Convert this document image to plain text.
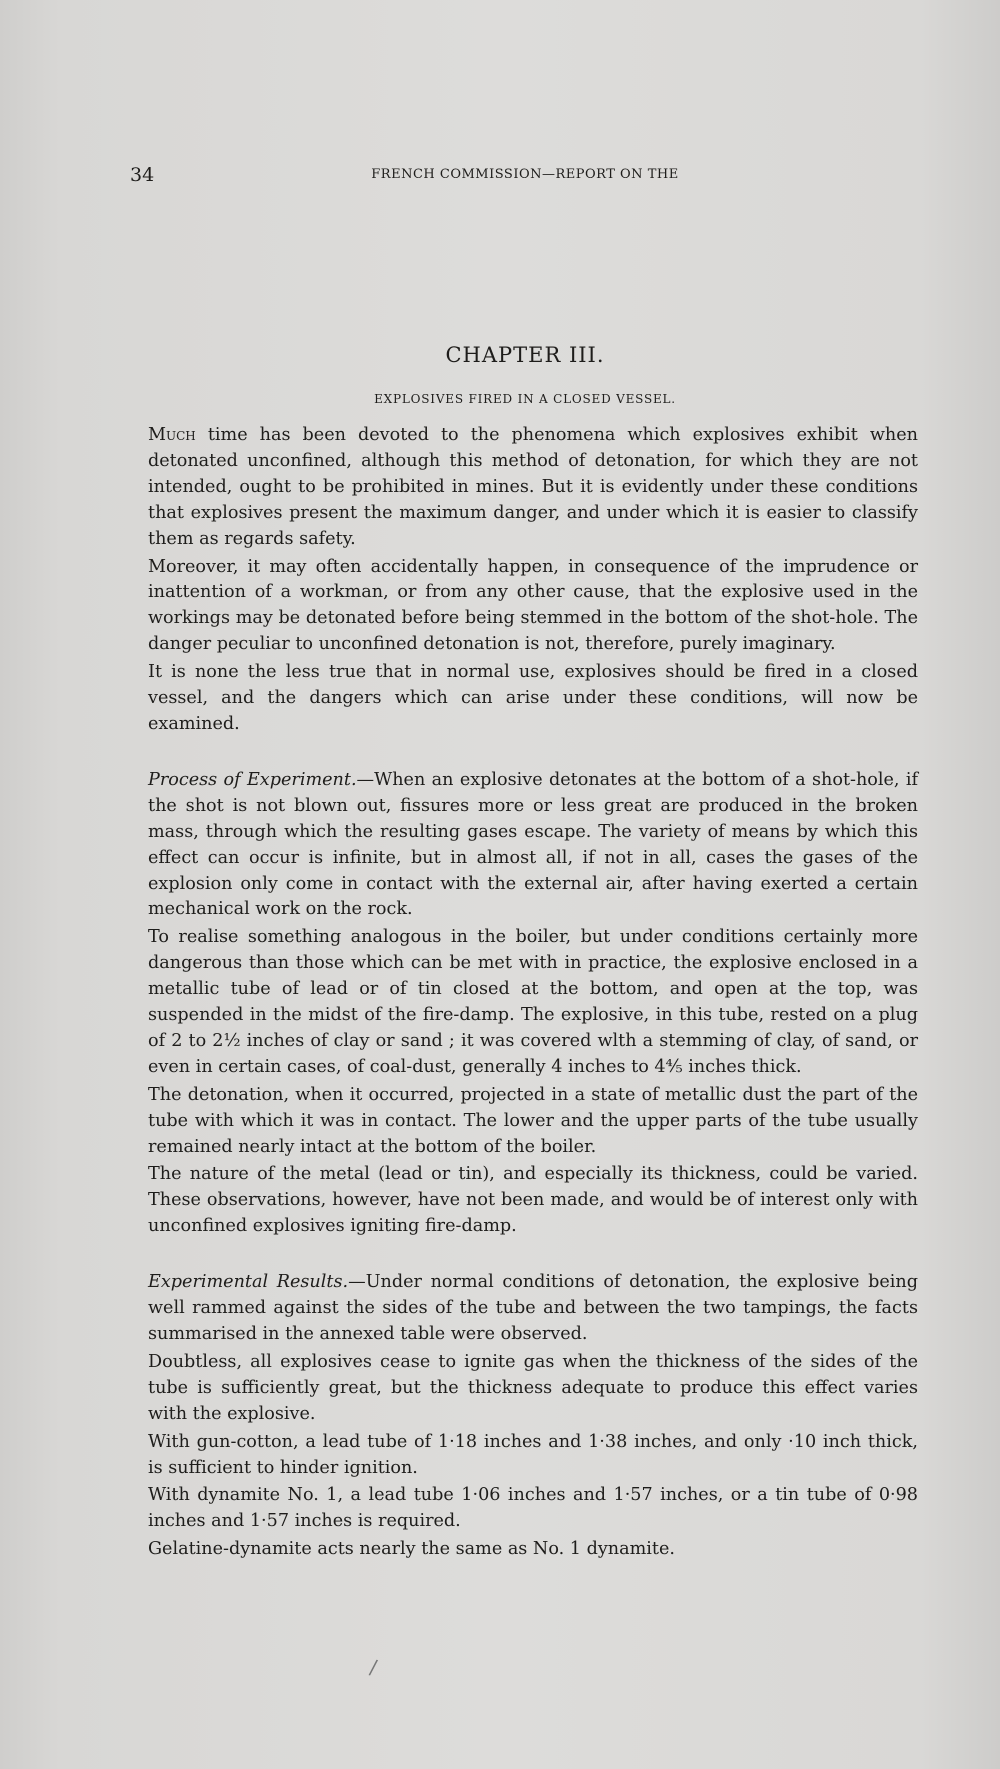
34	FRENCH COMMISSION—REPORT ON THE
CHAPTER III.
EXPLOSIVES FIRED IN A CLOSED VESSEL.

Much time has been devoted to the phenomena which explosives exhibit when detonated unconfined, although this method of detonation, for which they are not intended, ought to be prohibited in mines. But it is evidently under these conditions that explosives present the maximum danger, and under which it is easier to classify them as regards safety.

Moreover, it may often accidentally happen, in consequence of the imprudence or inattention of a workman, or from any other cause, that the explosive used in the workings may be detonated before being stemmed in the bottom of the shot-hole. The danger peculiar to unconfined detonation is not, therefore, purely imaginary.

It is none the less true that in normal use, explosives should be fired in a closed vessel, and the dangers which can arise under these conditions, will now be examined.

Process of Experiment.—When an explosive detonates at the bottom of a shot-hole, if the shot is not blown out, fissures more or less great are produced in the broken mass, through which the resulting gases escape. The variety of means by which this effect can occur is infinite, but in almost all, if not in all, cases the gases of the explosion only come in contact with the external air, after having exerted a certain mechanical work on the rock.

To realise something analogous in the boiler, but under conditions certainly more dangerous than those which can be met with in practice, the explosive enclosed in a metallic tube of lead or of tin closed at the bottom, and open at the top, was suspended in the midst of the fire-damp. The explosive, in this tube, rested on a plug of 2 to 2½ inches of clay or sand ; it was covered wlth a stemming of clay, of sand, or even in certain cases, of coal-dust, generally 4 inches to 4⅘ inches thick.

The detonation, when it occurred, projected in a state of metallic dust the part of the tube with which it was in contact. The lower and the upper parts of the tube usually remained nearly intact at the bottom of the boiler.

The nature of the metal (lead or tin), and especially its thickness, could be varied. These observations, however, have not been made, and would be of interest only with unconfined explosives igniting fire-damp.

Experimental Results.—Under normal conditions of detonation, the explosive being well rammed against the sides of the tube and between the two tampings, the facts summarised in the annexed table were observed.

Doubtless, all explosives cease to ignite gas when the thickness of the sides of the tube is sufficiently great, but the thickness adequate to produce this effect varies with the explosive.

With gun-cotton, a lead tube of 1·18 inches and 1·38 inches, and only ·10 inch thick, is sufficient to hinder ignition.

With dynamite No. 1, a lead tube 1·06 inches and 1·57 inches, or a tin tube of 0·98 inches and 1·57 inches is required.

Gelatine-dynamite acts nearly the same as No. 1 dynamite.

/
